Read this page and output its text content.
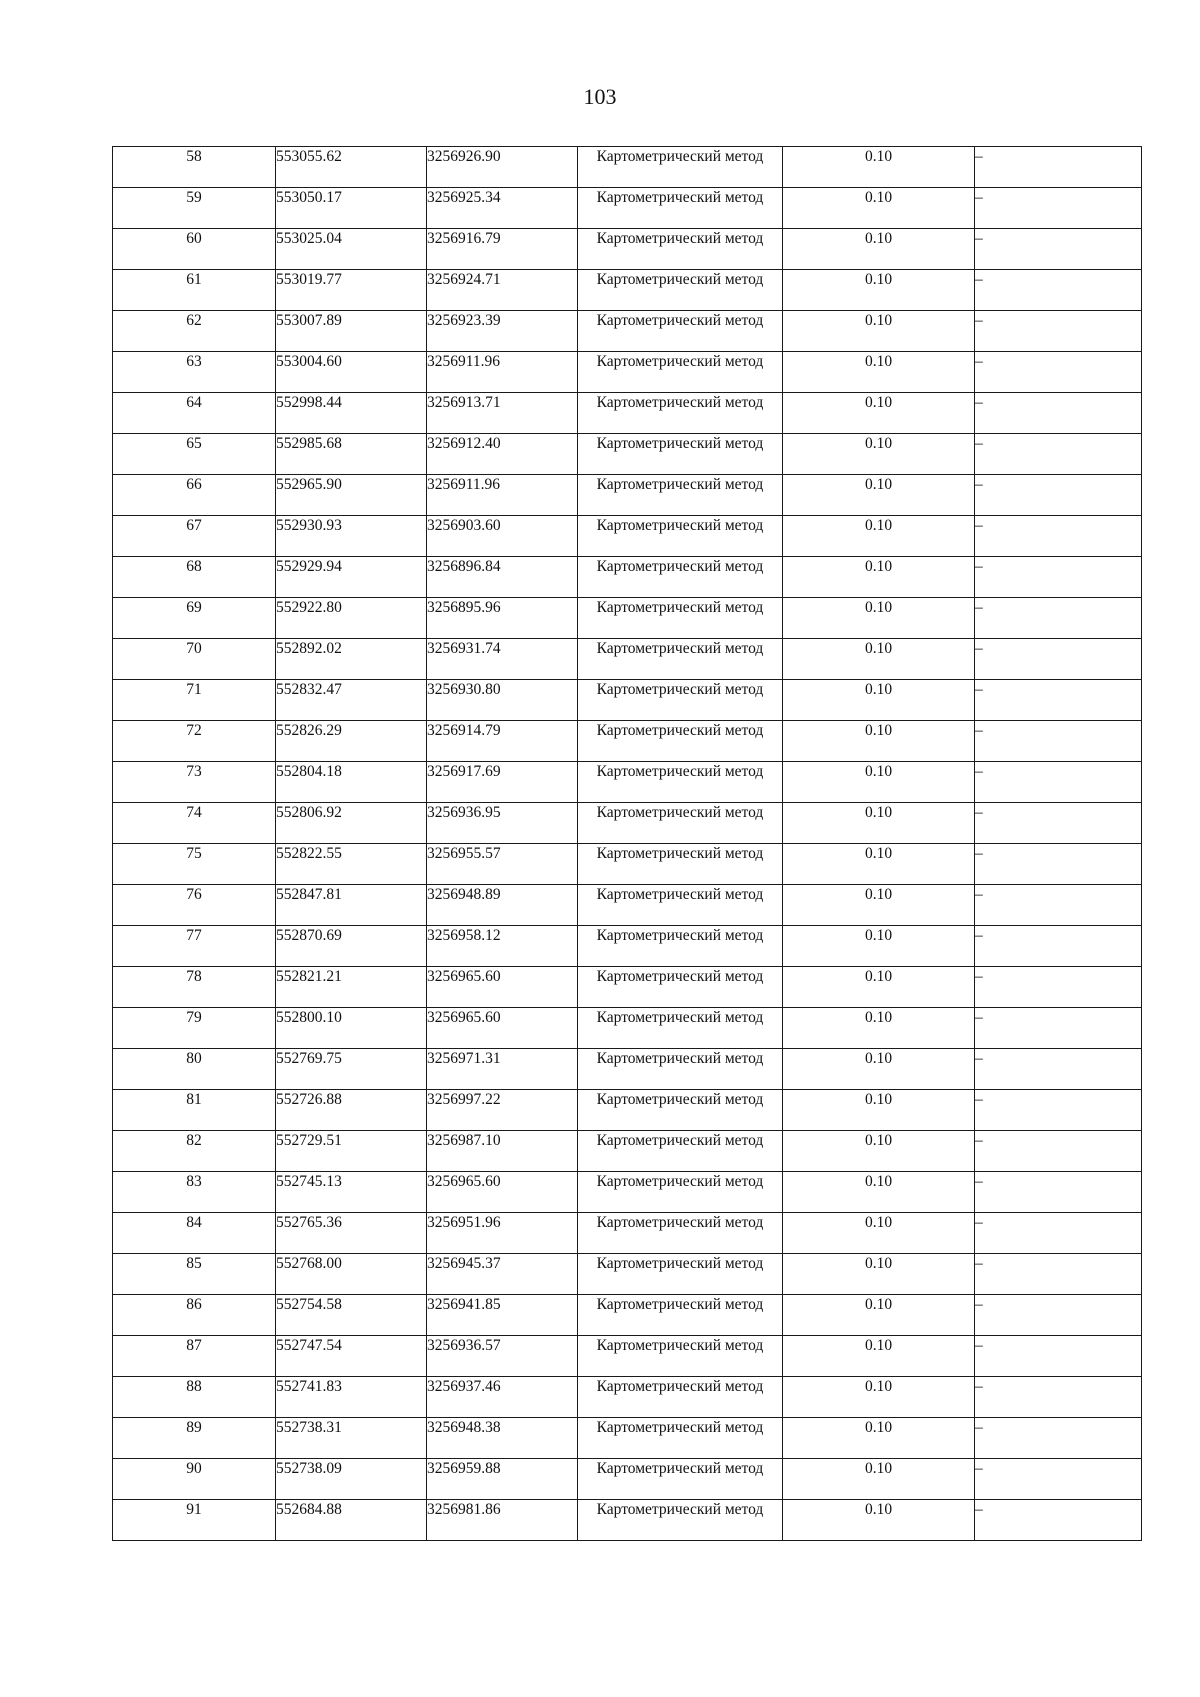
103
58	553055.62	3256926.90	Картометрический метод	0.10	–
59	553050.17	3256925.34	Картометрический метод	0.10	–
60	553025.04	3256916.79	Картометрический метод	0.10	–
61	553019.77	3256924.71	Картометрический метод	0.10	–
62	553007.89	3256923.39	Картометрический метод	0.10	–
63	553004.60	3256911.96	Картометрический метод	0.10	–
64	552998.44	3256913.71	Картометрический метод	0.10	–
65	552985.68	3256912.40	Картометрический метод	0.10	–
66	552965.90	3256911.96	Картометрический метод	0.10	–
67	552930.93	3256903.60	Картометрический метод	0.10	–
68	552929.94	3256896.84	Картометрический метод	0.10	–
69	552922.80	3256895.96	Картометрический метод	0.10	–
70	552892.02	3256931.74	Картометрический метод	0.10	–
71	552832.47	3256930.80	Картометрический метод	0.10	–
72	552826.29	3256914.79	Картометрический метод	0.10	–
73	552804.18	3256917.69	Картометрический метод	0.10	–
74	552806.92	3256936.95	Картометрический метод	0.10	–
75	552822.55	3256955.57	Картометрический метод	0.10	–
76	552847.81	3256948.89	Картометрический метод	0.10	–
77	552870.69	3256958.12	Картометрический метод	0.10	–
78	552821.21	3256965.60	Картометрический метод	0.10	–
79	552800.10	3256965.60	Картометрический метод	0.10	–
80	552769.75	3256971.31	Картометрический метод	0.10	–
81	552726.88	3256997.22	Картометрический метод	0.10	–
82	552729.51	3256987.10	Картометрический метод	0.10	–
83	552745.13	3256965.60	Картометрический метод	0.10	–
84	552765.36	3256951.96	Картометрический метод	0.10	–
85	552768.00	3256945.37	Картометрический метод	0.10	–
86	552754.58	3256941.85	Картометрический метод	0.10	–
87	552747.54	3256936.57	Картометрический метод	0.10	–
88	552741.83	3256937.46	Картометрический метод	0.10	–
89	552738.31	3256948.38	Картометрический метод	0.10	–
90	552738.09	3256959.88	Картометрический метод	0.10	–
91	552684.88	3256981.86	Картометрический метод	0.10	–
